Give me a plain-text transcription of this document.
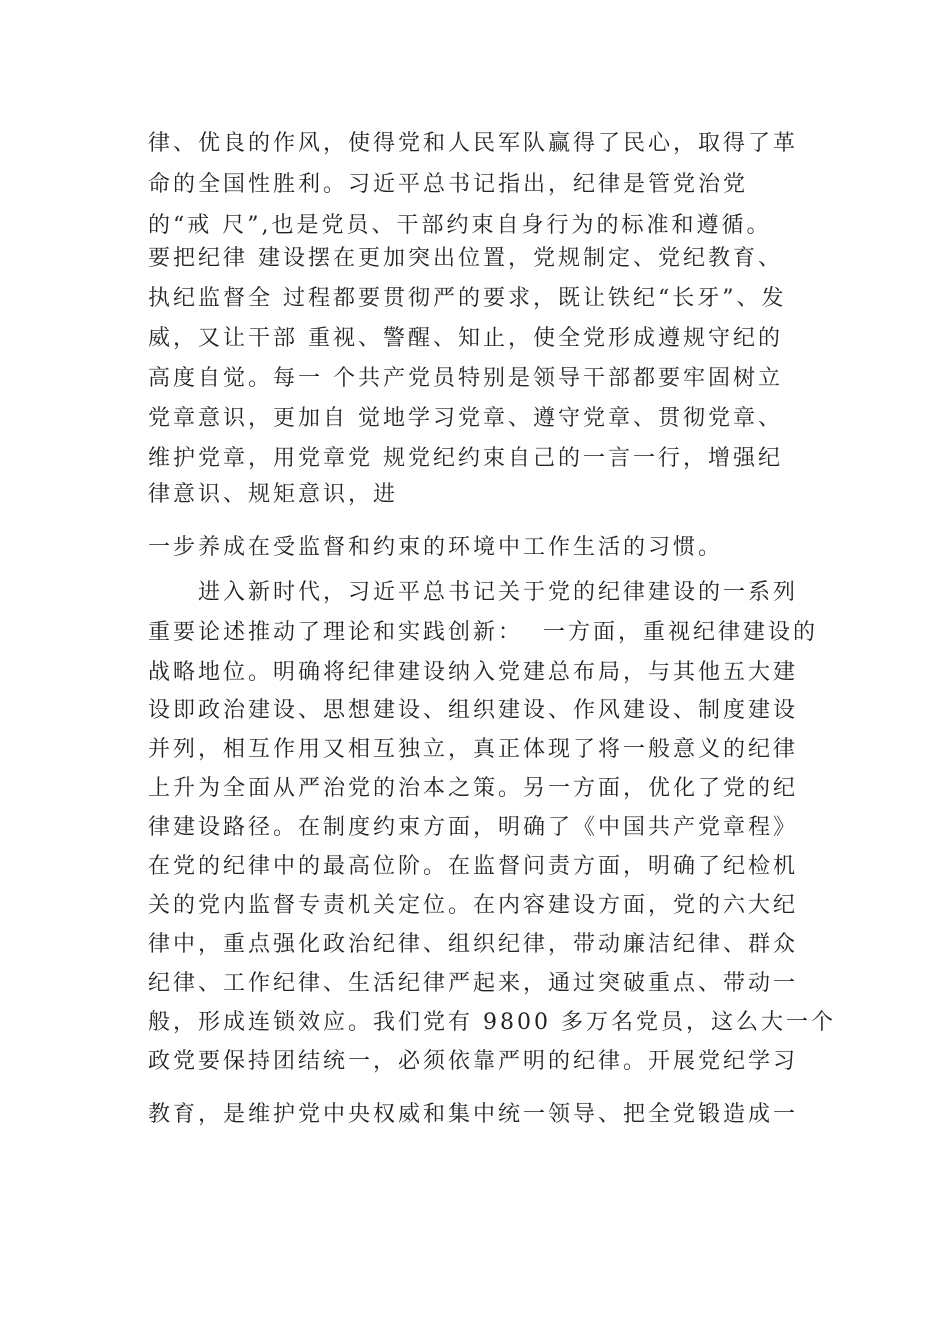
律、优良的作风，使得党和人民军队赢得了民心，取得了革

命的全国性胜利。习近平总书记指出，纪律是管党治党

的“戒 尺”,也是党员、干部约束自身行为的标准和遵循。

要把纪律 建设摆在更加突出位置，党规制定、党纪教育、

执纪监督全 过程都要贯彻严的要求，既让铁纪“长牙”、发

威，又让干部 重视、警醒、知止，使全党形成遵规守纪的

高度自觉。每一 个共产党员特别是领导干部都要牢固树立

党章意识，更加自 觉地学习党章、遵守党章、贯彻党章、

维护党章，用党章党 规党纪约束自己的一言一行，增强纪

律意识、规矩意识，进

一步养成在受监督和约束的环境中工作生活的习惯。

进入新时代，习近平总书记关于党的纪律建设的一系列

重要论述推动了理论和实践创新：  一方面，重视纪律建设的

战略地位。明确将纪律建设纳入党建总布局，与其他五大建

设即政治建设、思想建设、组织建设、作风建设、制度建设

并列，相互作用又相互独立，真正体现了将一般意义的纪律

上升为全面从严治党的治本之策。另一方面，优化了党的纪

律建设路径。在制度约束方面，明确了《中国共产党章程》

在党的纪律中的最高位阶。在监督问责方面，明确了纪检机

关的党内监督专责机关定位。在内容建设方面，党的六大纪

律中，重点强化政治纪律、组织纪律，带动廉洁纪律、群众

纪律、工作纪律、生活纪律严起来，通过突破重点、带动一

般，形成连锁效应。我们党有 9800 多万名党员，这么大一个

政党要保持团结统一，必须依靠严明的纪律。开展党纪学习

教育，是维护党中央权威和集中统一领导、把全党锻造成一
